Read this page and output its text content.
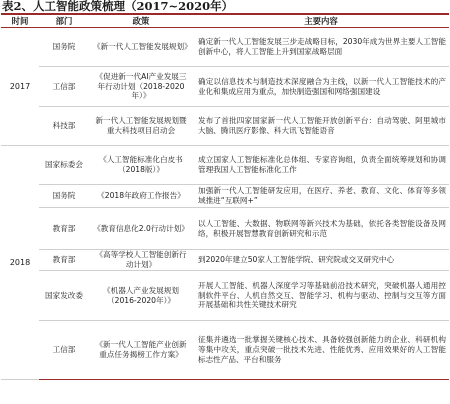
表2、人工智能政策梳理（2017~2020年）
时间	部门	政策	主要内容
2017	国务院	《新一代人工智能发展规划》	确定新一代人工智能发展三步走战略目标，2030年成为世界主要人工智能创新中心，将人工智能上升到国家战略层面
	工信部	《促进新一代AI产业发展三年行动计划（2018-2020年）》	确定以信息技术与制造技术深度融合为主线，以新一代人工智能技术的产业化和集成应用为重点，加快制造强国和网络强国建设
	科技部	新一代人工智能发展规划暨重大科技项目启动会	发布了首批四家国家新一代人工智能开放创新平台：自动驾驶、阿里城市大脑、腾讯医疗影像、科大讯飞智能语音
2018	国家标委会	《人工智能标准化白皮书（2018版）》	成立国家人工智能标准化总体组、专家咨询组，负责全面统筹规划和协调管理我国人工智能标准化工作
	国务院	《2018年政府工作报告》	加强新一代人工智能研发应用，在医疗、养老、教育、文化、体育等多领域推进“互联网+”
	教育部	《教育信息化2.0行动计划》	以人工智能、大数据、物联网等新兴技术为基础，依托各类智能设备及网络，积极开展智慧教育创新研究和示范
	教育部	《高等学校人工智能创新行动计划》	到2020年建立50家人工智能学院、研究院或交叉研究中心
	国家发改委	《机器人产业发展规划（2016-2020年）》	开展人工智能、机器人深度学习等基础前沿技术研究，突破机器人通用控制软件平台、人机自然交互、智能学习、机构与驱动、控制与交互等方面开展基础和共性关键技术研究
	工信部	《新一代人工智能产业创新重点任务揭榜工作方案》	征集并遴选一批掌握关键核心技术、具备较强创新能力的企业、科研机构等集中攻关，重点突破一批技术先进、性能优秀、应用效果好的人工智能标志性产品、平台和服务
